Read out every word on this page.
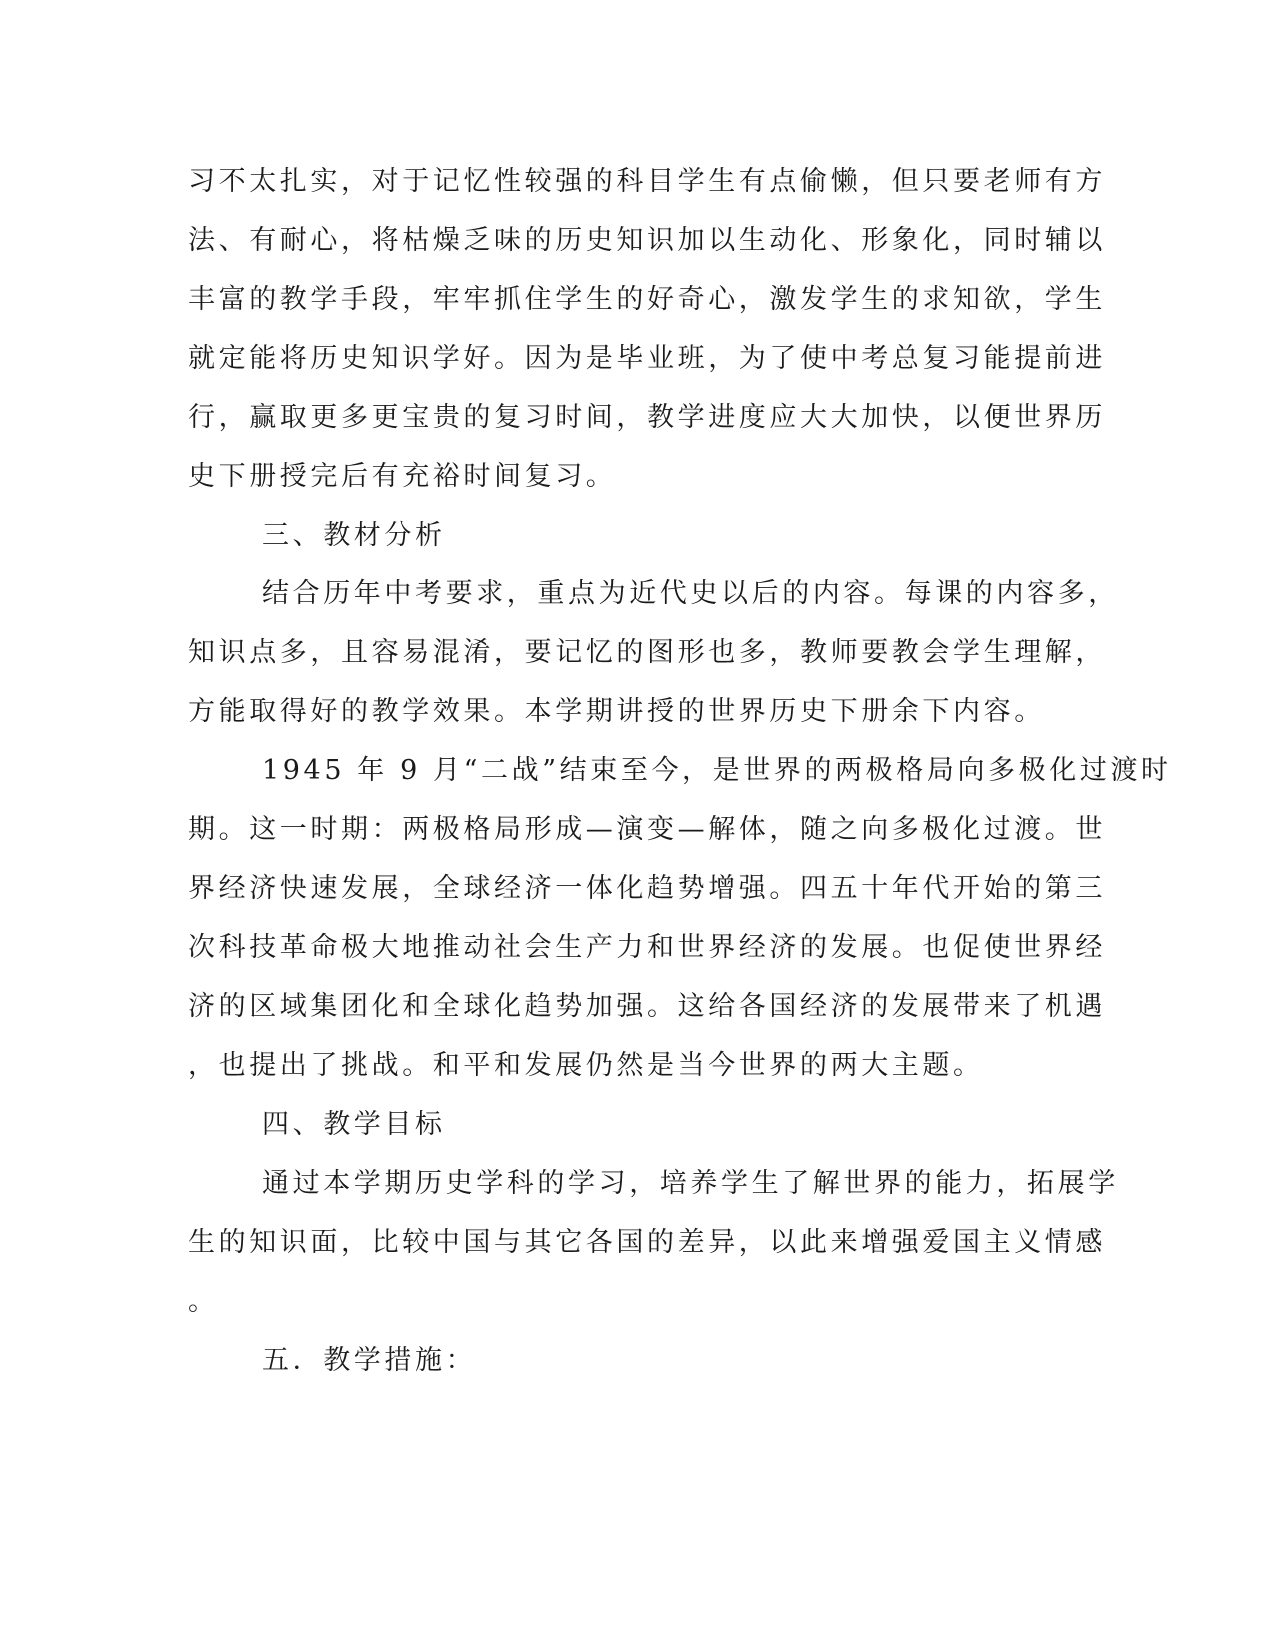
习不太扎实，对于记忆性较强的科目学生有点偷懒，但只要老师有方
法、有耐心，将枯燥乏味的历史知识加以生动化、形象化，同时辅以
丰富的教学手段，牢牢抓住学生的好奇心，激发学生的求知欲，学生
就定能将历史知识学好。因为是毕业班，为了使中考总复习能提前进
行，赢取更多更宝贵的复习时间，教学进度应大大加快，以便世界历
史下册授完后有充裕时间复习。
三、教材分析
结合历年中考要求，重点为近代史以后的内容。每课的内容多，
知识点多，且容易混淆，要记忆的图形也多，教师要教会学生理解，
方能取得好的教学效果。本学期讲授的世界历史下册余下内容。
1945 年 9 月“二战”结束至今，是世界的两极格局向多极化过渡时
期。这一时期：两极格局形成—演变—解体，随之向多极化过渡。世
界经济快速发展，全球经济一体化趋势增强。四五十年代开始的第三
次科技革命极大地推动社会生产力和世界经济的发展。也促使世界经
济的区域集团化和全球化趋势加强。这给各国经济的发展带来了机遇
，也提出了挑战。和平和发展仍然是当今世界的两大主题。
四、教学目标
通过本学期历史学科的学习，培养学生了解世界的能力，拓展学
生的知识面，比较中国与其它各国的差异，以此来增强爱国主义情感
。
五．教学措施：
